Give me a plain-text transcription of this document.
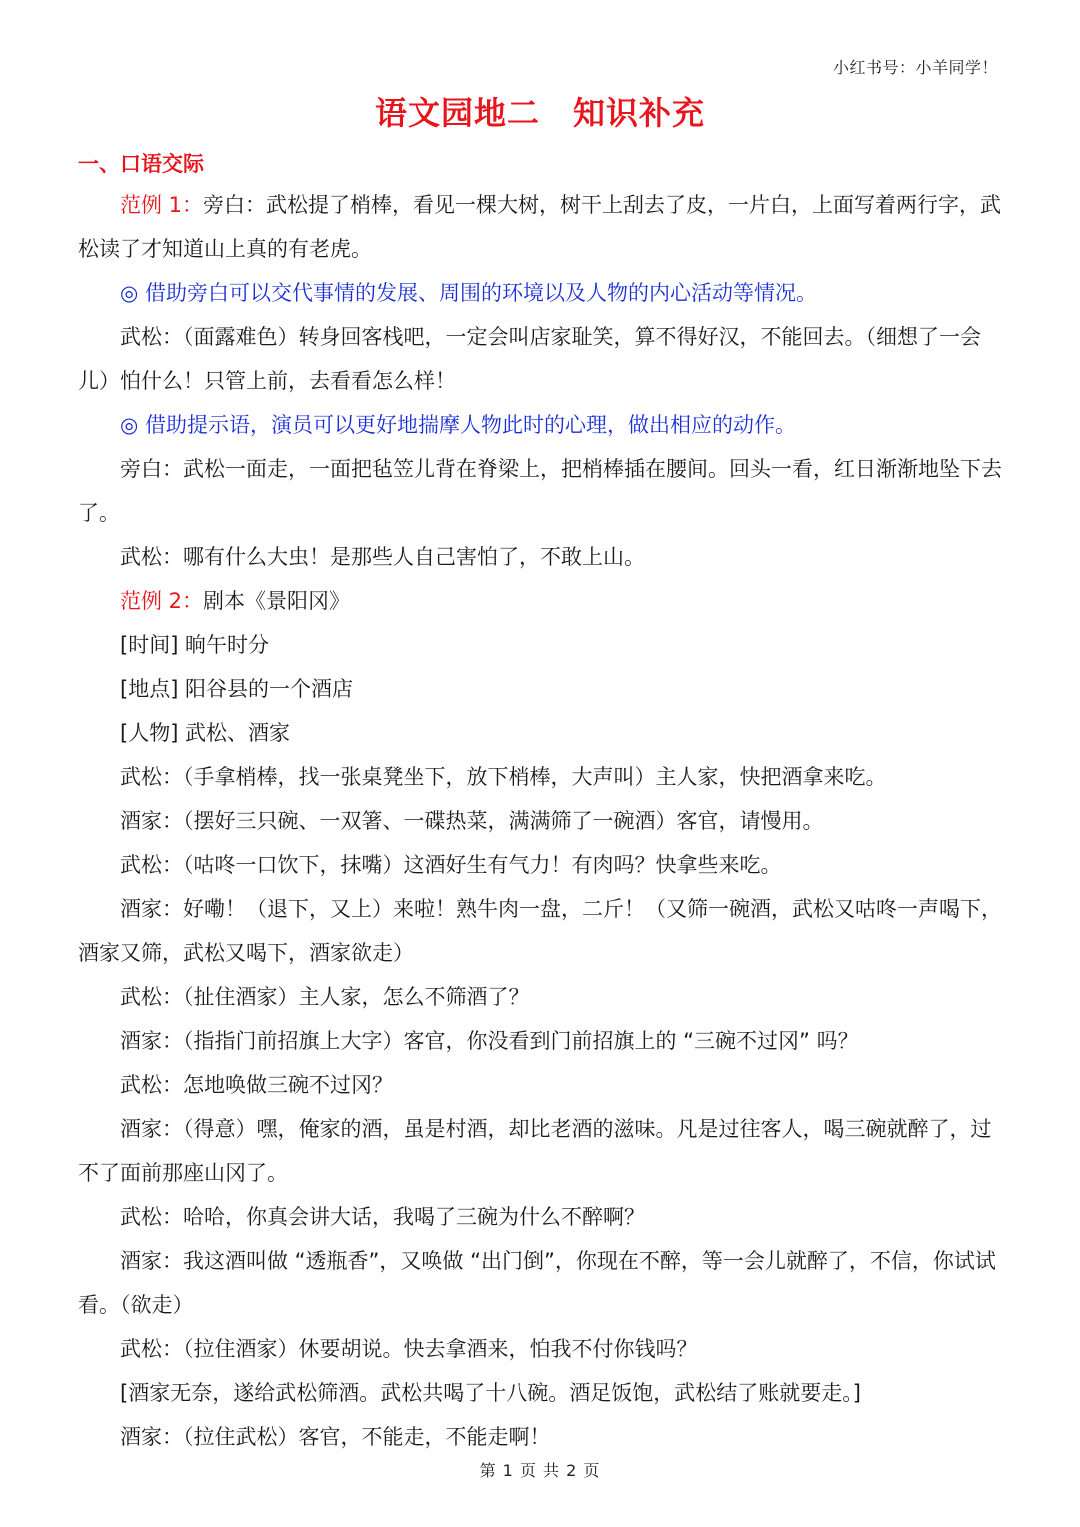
小红书号：小羊同学！
语文园地二　知识补充
一、口语交际

范例 1：旁白：武松提了梢棒，看见一棵大树，树干上刮去了皮，一片白，上面写着两行字，武松读了才知道山上真的有老虎。

◎ 借助旁白可以交代事情的发展、周围的环境以及人物的内心活动等情况。

武松：（面露难色）转身回客栈吧，一定会叫店家耻笑，算不得好汉，不能回去。（细想了一会儿）怕什么！只管上前，去看看怎么样！

◎ 借助提示语，演员可以更好地揣摩人物此时的心理，做出相应的动作。

旁白：武松一面走，一面把毡笠儿背在脊梁上，把梢棒插在腰间。回头一看，红日渐渐地坠下去了。

武松：哪有什么大虫！是那些人自己害怕了，不敢上山。

范例 2：剧本《景阳冈》

[时间] 晌午时分

[地点] 阳谷县的一个酒店

[人物] 武松、酒家

武松：（手拿梢棒，找一张桌凳坐下，放下梢棒，大声叫）主人家，快把酒拿来吃。

酒家：（摆好三只碗、一双箸、一碟热菜，满满筛了一碗酒）客官，请慢用。

武松：（咕咚一口饮下，抹嘴）这酒好生有气力！有肉吗？快拿些来吃。

酒家：好嘞！（退下，又上）来啦！熟牛肉一盘，二斤！（又筛一碗酒，武松又咕咚一声喝下，酒家又筛，武松又喝下，酒家欲走）

武松：（扯住酒家）主人家，怎么不筛酒了？

酒家：（指指门前招旗上大字）客官，你没看到门前招旗上的 “三碗不过冈” 吗？

武松：怎地唤做三碗不过冈？

酒家：（得意）嘿，俺家的酒，虽是村酒，却比老酒的滋味。凡是过往客人，喝三碗就醉了，过不了面前那座山冈了。

武松：哈哈，你真会讲大话，我喝了三碗为什么不醉啊？

酒家：我这酒叫做 “透瓶香”，又唤做 “出门倒”，你现在不醉，等一会儿就醉了，不信，你试试看。（欲走）

武松：（拉住酒家）休要胡说。快去拿酒来，怕我不付你钱吗？

[酒家无奈，遂给武松筛酒。武松共喝了十八碗。酒足饭饱，武松结了账就要走。]

酒家：（拉住武松）客官，不能走，不能走啊！

第 1 页 共 2 页
